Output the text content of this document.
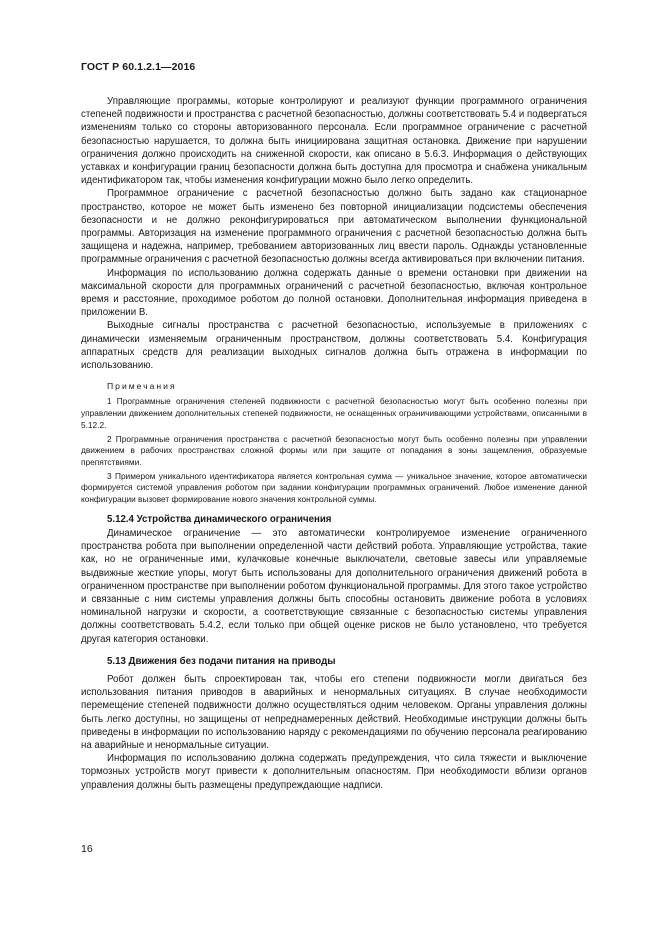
ГОСТ Р 60.1.2.1—2016

Управляющие программы, которые контролируют и реализуют функции программного ограничения степеней подвижности и пространства с расчетной безопасностью, должны соответствовать 5.4 и подвергаться изменениям только со стороны авторизованного персонала. Если программное ограничение с расчетной безопасностью нарушается, то должна быть инициирована защитная остановка. Движение при нарушении ограничения должно происходить на сниженной скорости, как описано в 5.6.3. Информация о действующих уставках и конфигурации границ безопасности должна быть доступна для просмотра и снабжена уникальным идентификатором так, чтобы изменения конфигурации можно было легко определить.

Программное ограничение с расчетной безопасностью должно быть задано как стационарное пространство, которое не может быть изменено без повторной инициализации подсистемы обеспечения безопасности и не должно реконфигурироваться при автоматическом выполнении функциональной программы. Авторизация на изменение программного ограничения с расчетной безопасностью должна быть защищена и надежна, например, требованием авторизованных лиц ввести пароль. Однажды установленные программные ограничения с расчетной безопасностью должны всегда активироваться при включении питания.

Информация по использованию должна содержать данные о времени остановки при движении на максимальной скорости для программных ограничений с расчетной безопасностью, включая контрольное время и расстояние, проходимое роботом до полной остановки. Дополнительная информация приведена в приложении В.

Выходные сигналы пространства с расчетной безопасностью, используемые в приложениях с динамически изменяемым ограниченным пространством, должны соответствовать 5.4. Конфигурация аппаратных средств для реализации выходных сигналов должна быть отражена в информации по использованию.

Примечания

1 Программные ограничения степеней подвижности с расчетной безопасностью могут быть особенно полезны при управлении движением дополнительных степеней подвижности, не оснащенных ограничивающими устройствами, описанными в 5.12.2.

2 Программные ограничения пространства с расчетной безопасностью могут быть особенно полезны при управлении движением в рабочих пространствах сложной формы или при защите от попадания в зоны защемления, образуемые препятствиями.

3 Примером уникального идентификатора является контрольная сумма — уникальное значение, которое автоматически формируется системой управления роботом при задании конфигурации программных ограничений. Любое изменение данной конфигурации вызовет формирование нового значения контрольной суммы.

5.12.4 Устройства динамического ограничения

Динамическое ограничение — это автоматически контролируемое изменение ограниченного пространства робота при выполнении определенной части действий робота. Управляющие устройства, такие как, но не ограниченные ими, кулачковые конечные выключатели, световые завесы или управляемые выдвижные жесткие упоры, могут быть использованы для дополнительного ограничения движений робота в ограниченном пространстве при выполнении роботом функциональной программы. Для этого такое устройство и связанные с ним системы управления должны быть способны остановить движение робота в условиях номинальной нагрузки и скорости, а соответствующие связанные с безопасностью системы управления должны соответствовать 5.4.2, если только при общей оценке рисков не было установлено, что требуется другая категория остановки.

5.13 Движения без подачи питания на приводы

Робот должен быть спроектирован так, чтобы его степени подвижности могли двигаться без использования питания приводов в аварийных и ненормальных ситуациях. В случае необходимости перемещение степеней подвижности должно осуществляться одним человеком. Органы управления должны быть легко доступны, но защищены от непреднамеренных действий. Необходимые инструкции должны быть приведены в информации по использованию наряду с рекомендациями по обучению персонала реагированию на аварийные и ненормальные ситуации.

Информация по использованию должна содержать предупреждения, что сила тяжести и выключение тормозных устройств могут привести к дополнительным опасностям. При необходимости вблизи органов управления должны быть размещены предупреждающие надписи.

16
